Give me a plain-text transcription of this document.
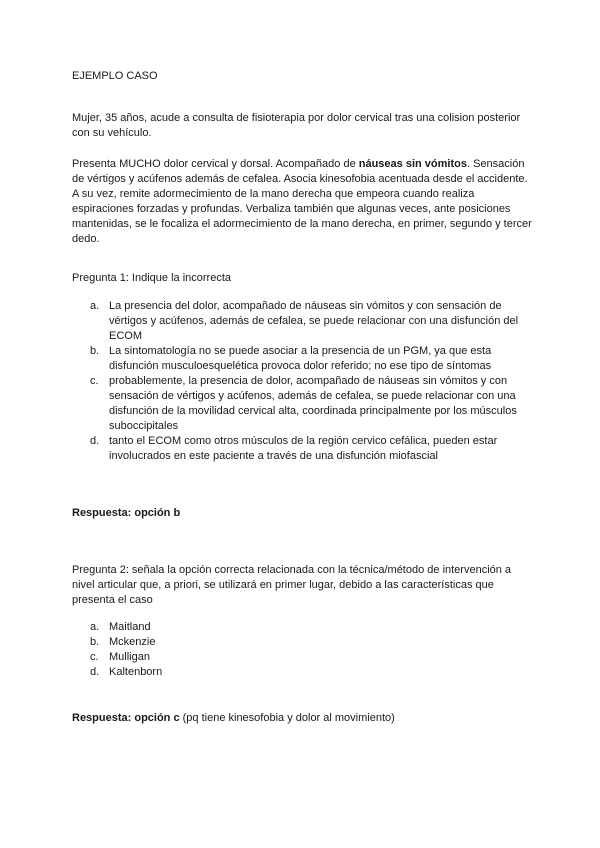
EJEMPLO CASO
Mujer, 35 años, acude a consulta de fisioterapia por dolor cervical tras una colision posterior con su vehículo.
Presenta MUCHO dolor cervical y dorsal. Acompañado de náuseas sin vómitos. Sensación de vértigos y acúfenos además de cefalea. Asocia kinesofobia acentuada desde el accidente. A su vez, remite adormecimiento de la mano derecha que empeora cuando realiza espiraciones forzadas y profundas. Verbaliza también que algunas veces, ante posiciones mantenidas, se le focaliza el adormecimiento de la mano derecha, en primer, segundo y tercer dedo.
Pregunta 1: Indique la incorrecta
a. La presencia del dolor, acompañado de náuseas sin vómitos y con sensación de vértigos y acúfenos, además de cefalea, se puede relacionar con una disfunción del ECOM
b. La sintomatología no se puede asociar a la presencia de un PGM, ya que esta disfunción musculoesquelética provoca dolor referido; no ese tipo de síntomas
c. probablemente, la presencia de dolor, acompañado de náuseas sin vómitos y con sensación de vértigos y acúfenos, además de cefalea, se puede relacionar con una disfunción de la movilidad cervical alta, coordinada principalmente por los músculos suboccipitales
d. tanto el ECOM como otros músculos de la región cervico cefálica, pueden estar involucrados en este paciente a través de una disfunción miofascial
Respuesta: opción b
Pregunta 2: señala la opción correcta relacionada con la técnica/método de intervención a nivel articular que, a priori, se utilizará en primer lugar, debido a las características que presenta el caso
a. Maitland
b. Mckenzie
c. Mulligan
d. Kaltenborn
Respuesta: opción c (pq tiene kinesofobia y dolor al movimiento)
